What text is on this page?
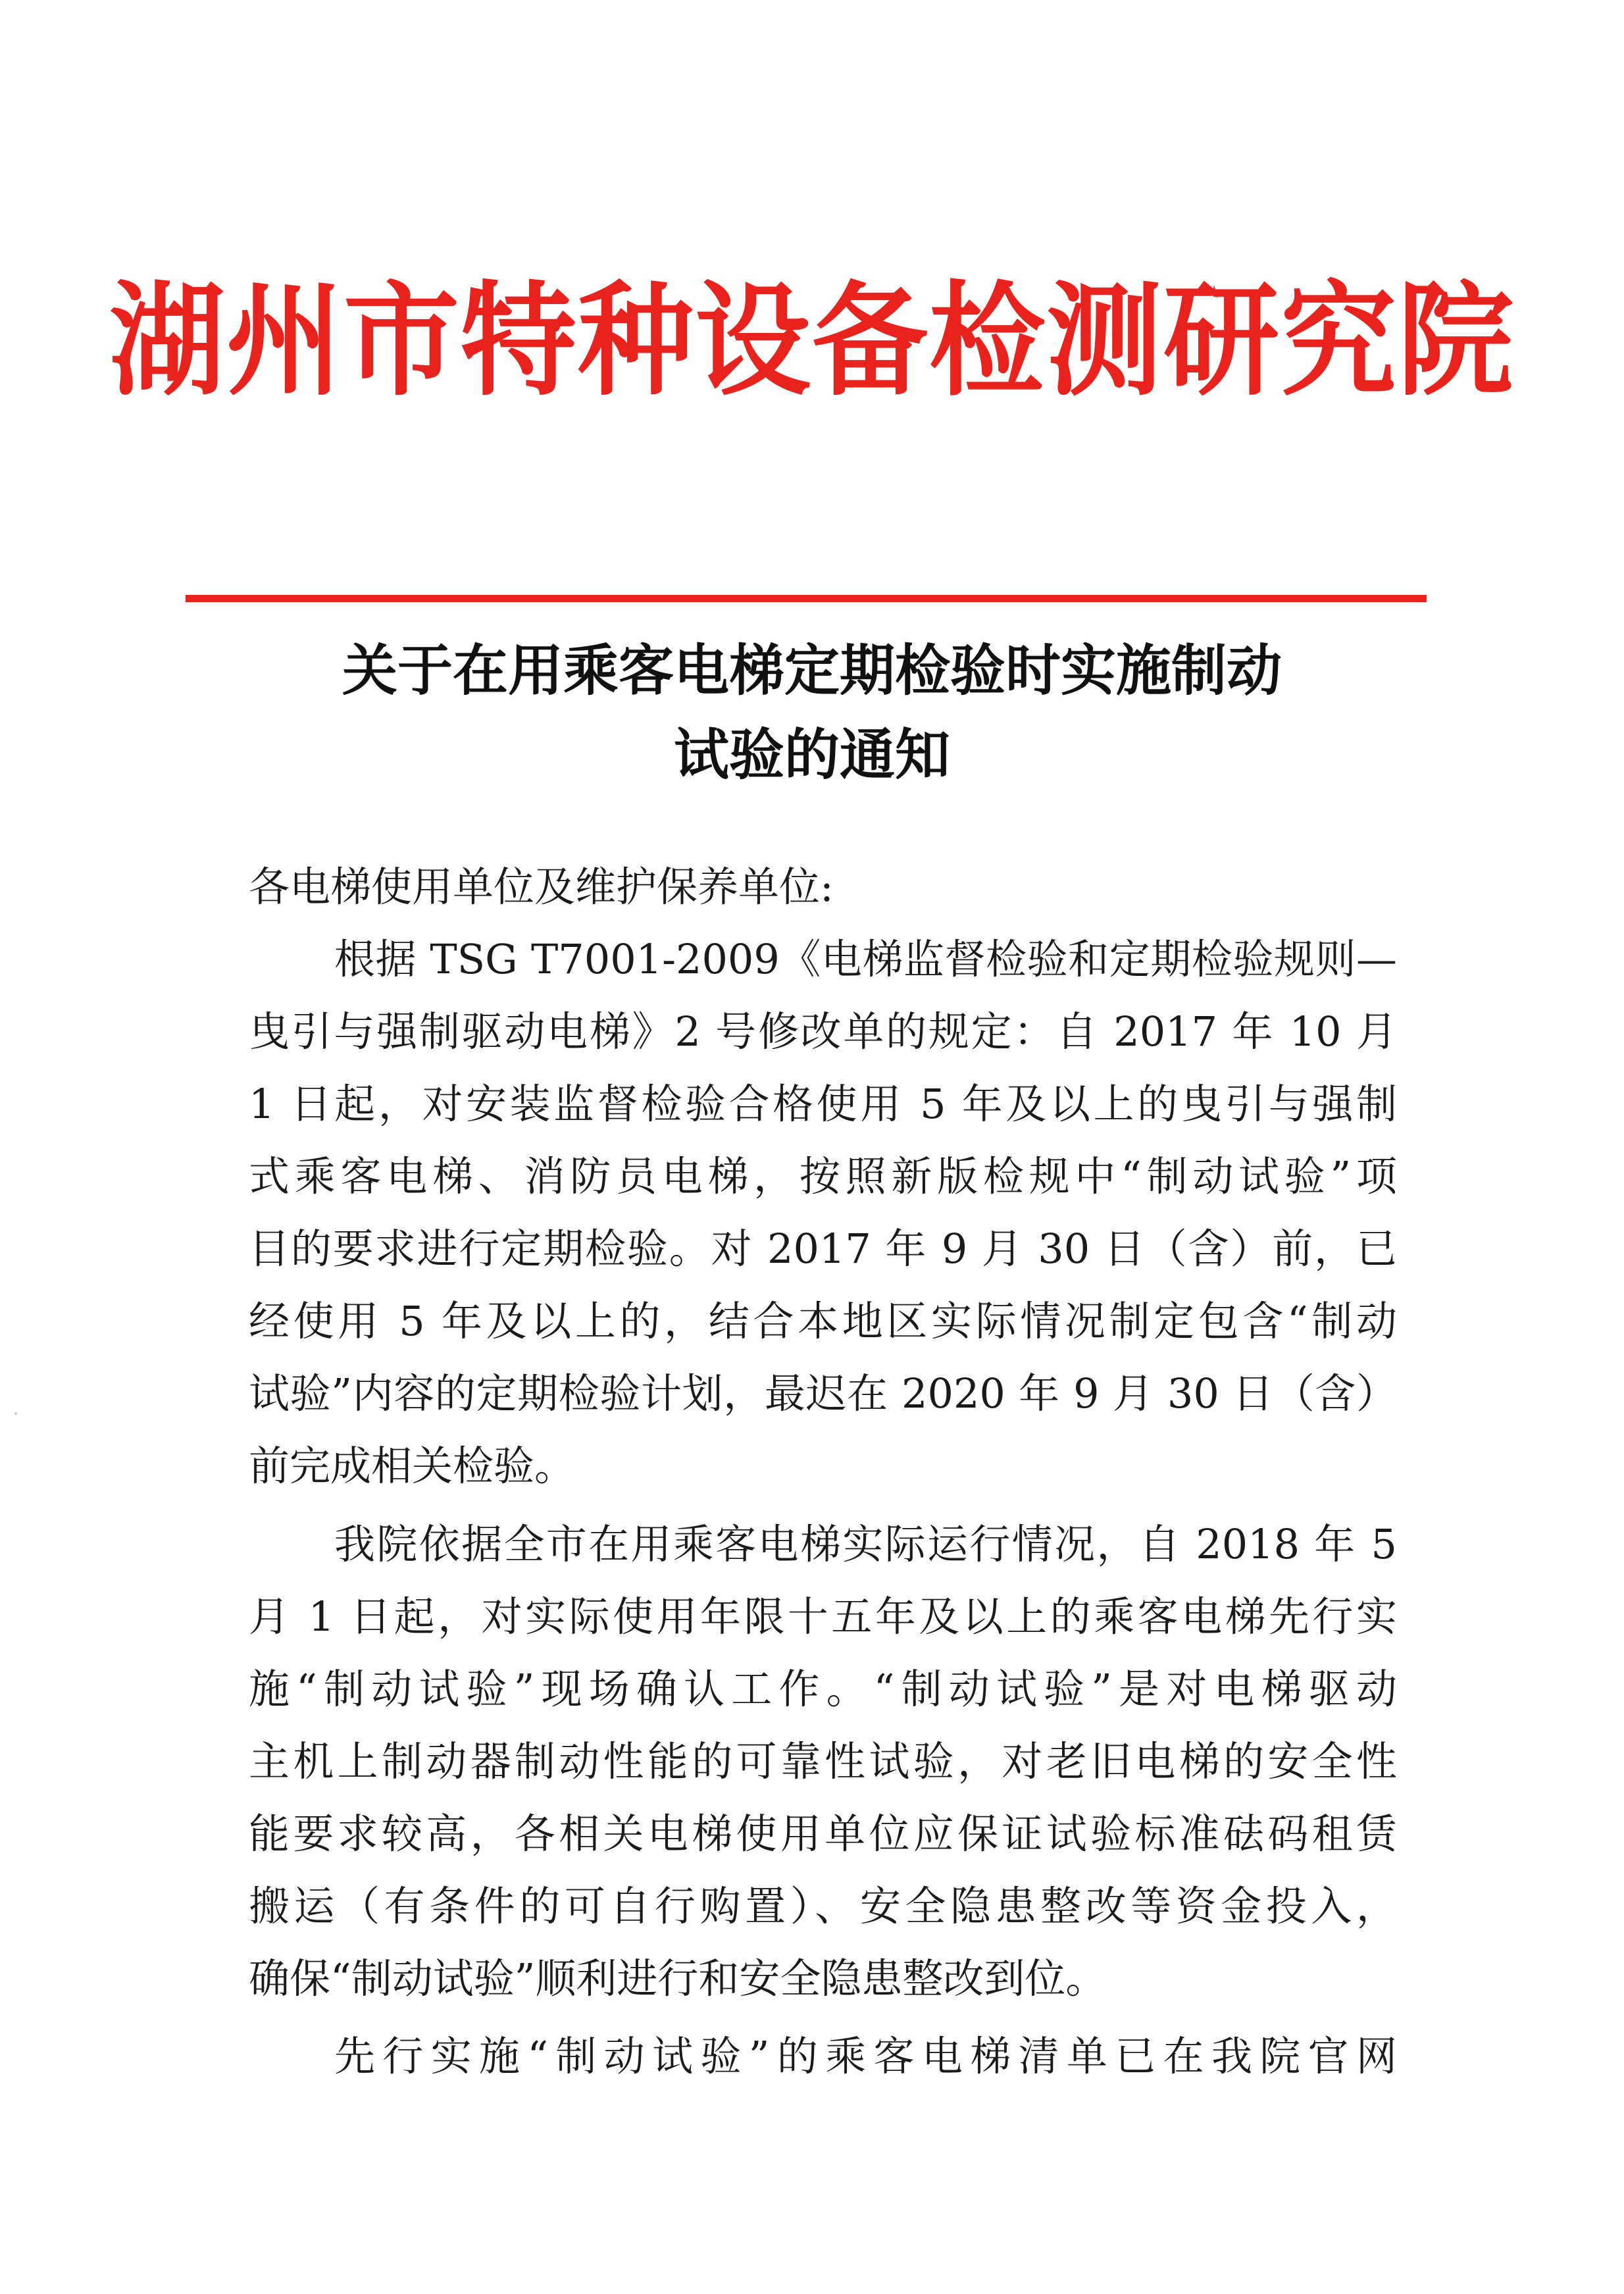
湖州市特种设备检测研究院
关于在用乘客电梯定期检验时实施制动
试验的通知
各电梯使用单位及维护保养单位:
根据 TSG T7001-2009《电梯监督检验和定期检验规则—
曳引与强制驱动电梯》2 号修改单的规定：自 2017 年 10 月
1 日起，对安装监督检验合格使用 5 年及以上的曳引与强制
式乘客电梯、消防员电梯，按照新版检规中“制动试验”项
目的要求进行定期检验。对 2017 年 9 月 30 日（含）前，已
经使用 5 年及以上的，结合本地区实际情况制定包含“制动
试验”内容的定期检验计划，最迟在 2020 年 9 月 30 日（含）
前完成相关检验。
我院依据全市在用乘客电梯实际运行情况，自 2018 年 5
月 1 日起，对实际使用年限十五年及以上的乘客电梯先行实
施“制动试验”现场确认工作。“制动试验”是对电梯驱动
主机上制动器制动性能的可靠性试验，对老旧电梯的安全性
能要求较高，各相关电梯使用单位应保证试验标准砝码租赁
搬运（有条件的可自行购置）、安全隐患整改等资金投入，
确保“制动试验”顺利进行和安全隐患整改到位。
先行实施“制动试验”的乘客电梯清单已在我院官网
